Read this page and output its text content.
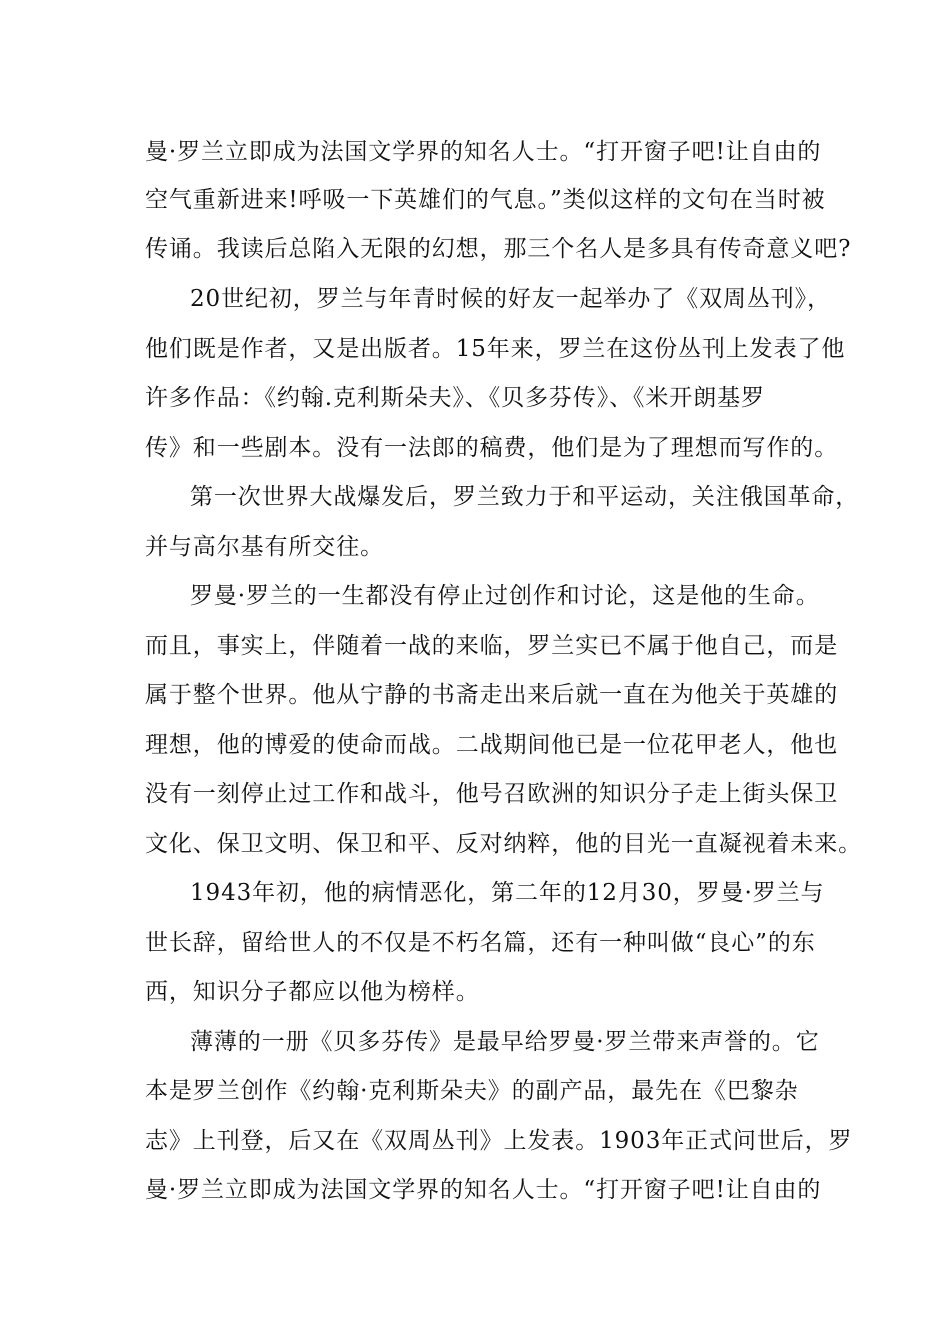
曼·罗兰立即成为法国文学界的知名人士。“打开窗子吧!让自由的
空气重新进来!呼吸一下英雄们的气息。”类似这样的文句在当时被
传诵。我读后总陷入无限的幻想，那三个名人是多具有传奇意义吧?
20世纪初，罗兰与年青时候的好友一起举办了《双周丛刊》，
他们既是作者，又是出版者。15年来，罗兰在这份丛刊上发表了他
许多作品：《约翰.克利斯朵夫》、《贝多芬传》、《米开朗基罗
传》和一些剧本。没有一法郎的稿费，他们是为了理想而写作的。
第一次世界大战爆发后，罗兰致力于和平运动，关注俄国革命，
并与高尔基有所交往。
罗曼·罗兰的一生都没有停止过创作和讨论，这是他的生命。
而且，事实上，伴随着一战的来临，罗兰实已不属于他自己，而是
属于整个世界。他从宁静的书斋走出来后就一直在为他关于英雄的
理想，他的博爱的使命而战。二战期间他已是一位花甲老人，他也
没有一刻停止过工作和战斗，他号召欧洲的知识分子走上街头保卫
文化、保卫文明、保卫和平、反对纳粹，他的目光一直凝视着未来。
1943年初，他的病情恶化，第二年的12月30，罗曼·罗兰与
世长辞，留给世人的不仅是不朽名篇，还有一种叫做“良心”的东
西，知识分子都应以他为榜样。
薄薄的一册《贝多芬传》是最早给罗曼·罗兰带来声誉的。它
本是罗兰创作《约翰·克利斯朵夫》的副产品，最先在《巴黎杂
志》上刊登，后又在《双周丛刊》上发表。1903年正式问世后，罗
曼·罗兰立即成为法国文学界的知名人士。“打开窗子吧!让自由的
